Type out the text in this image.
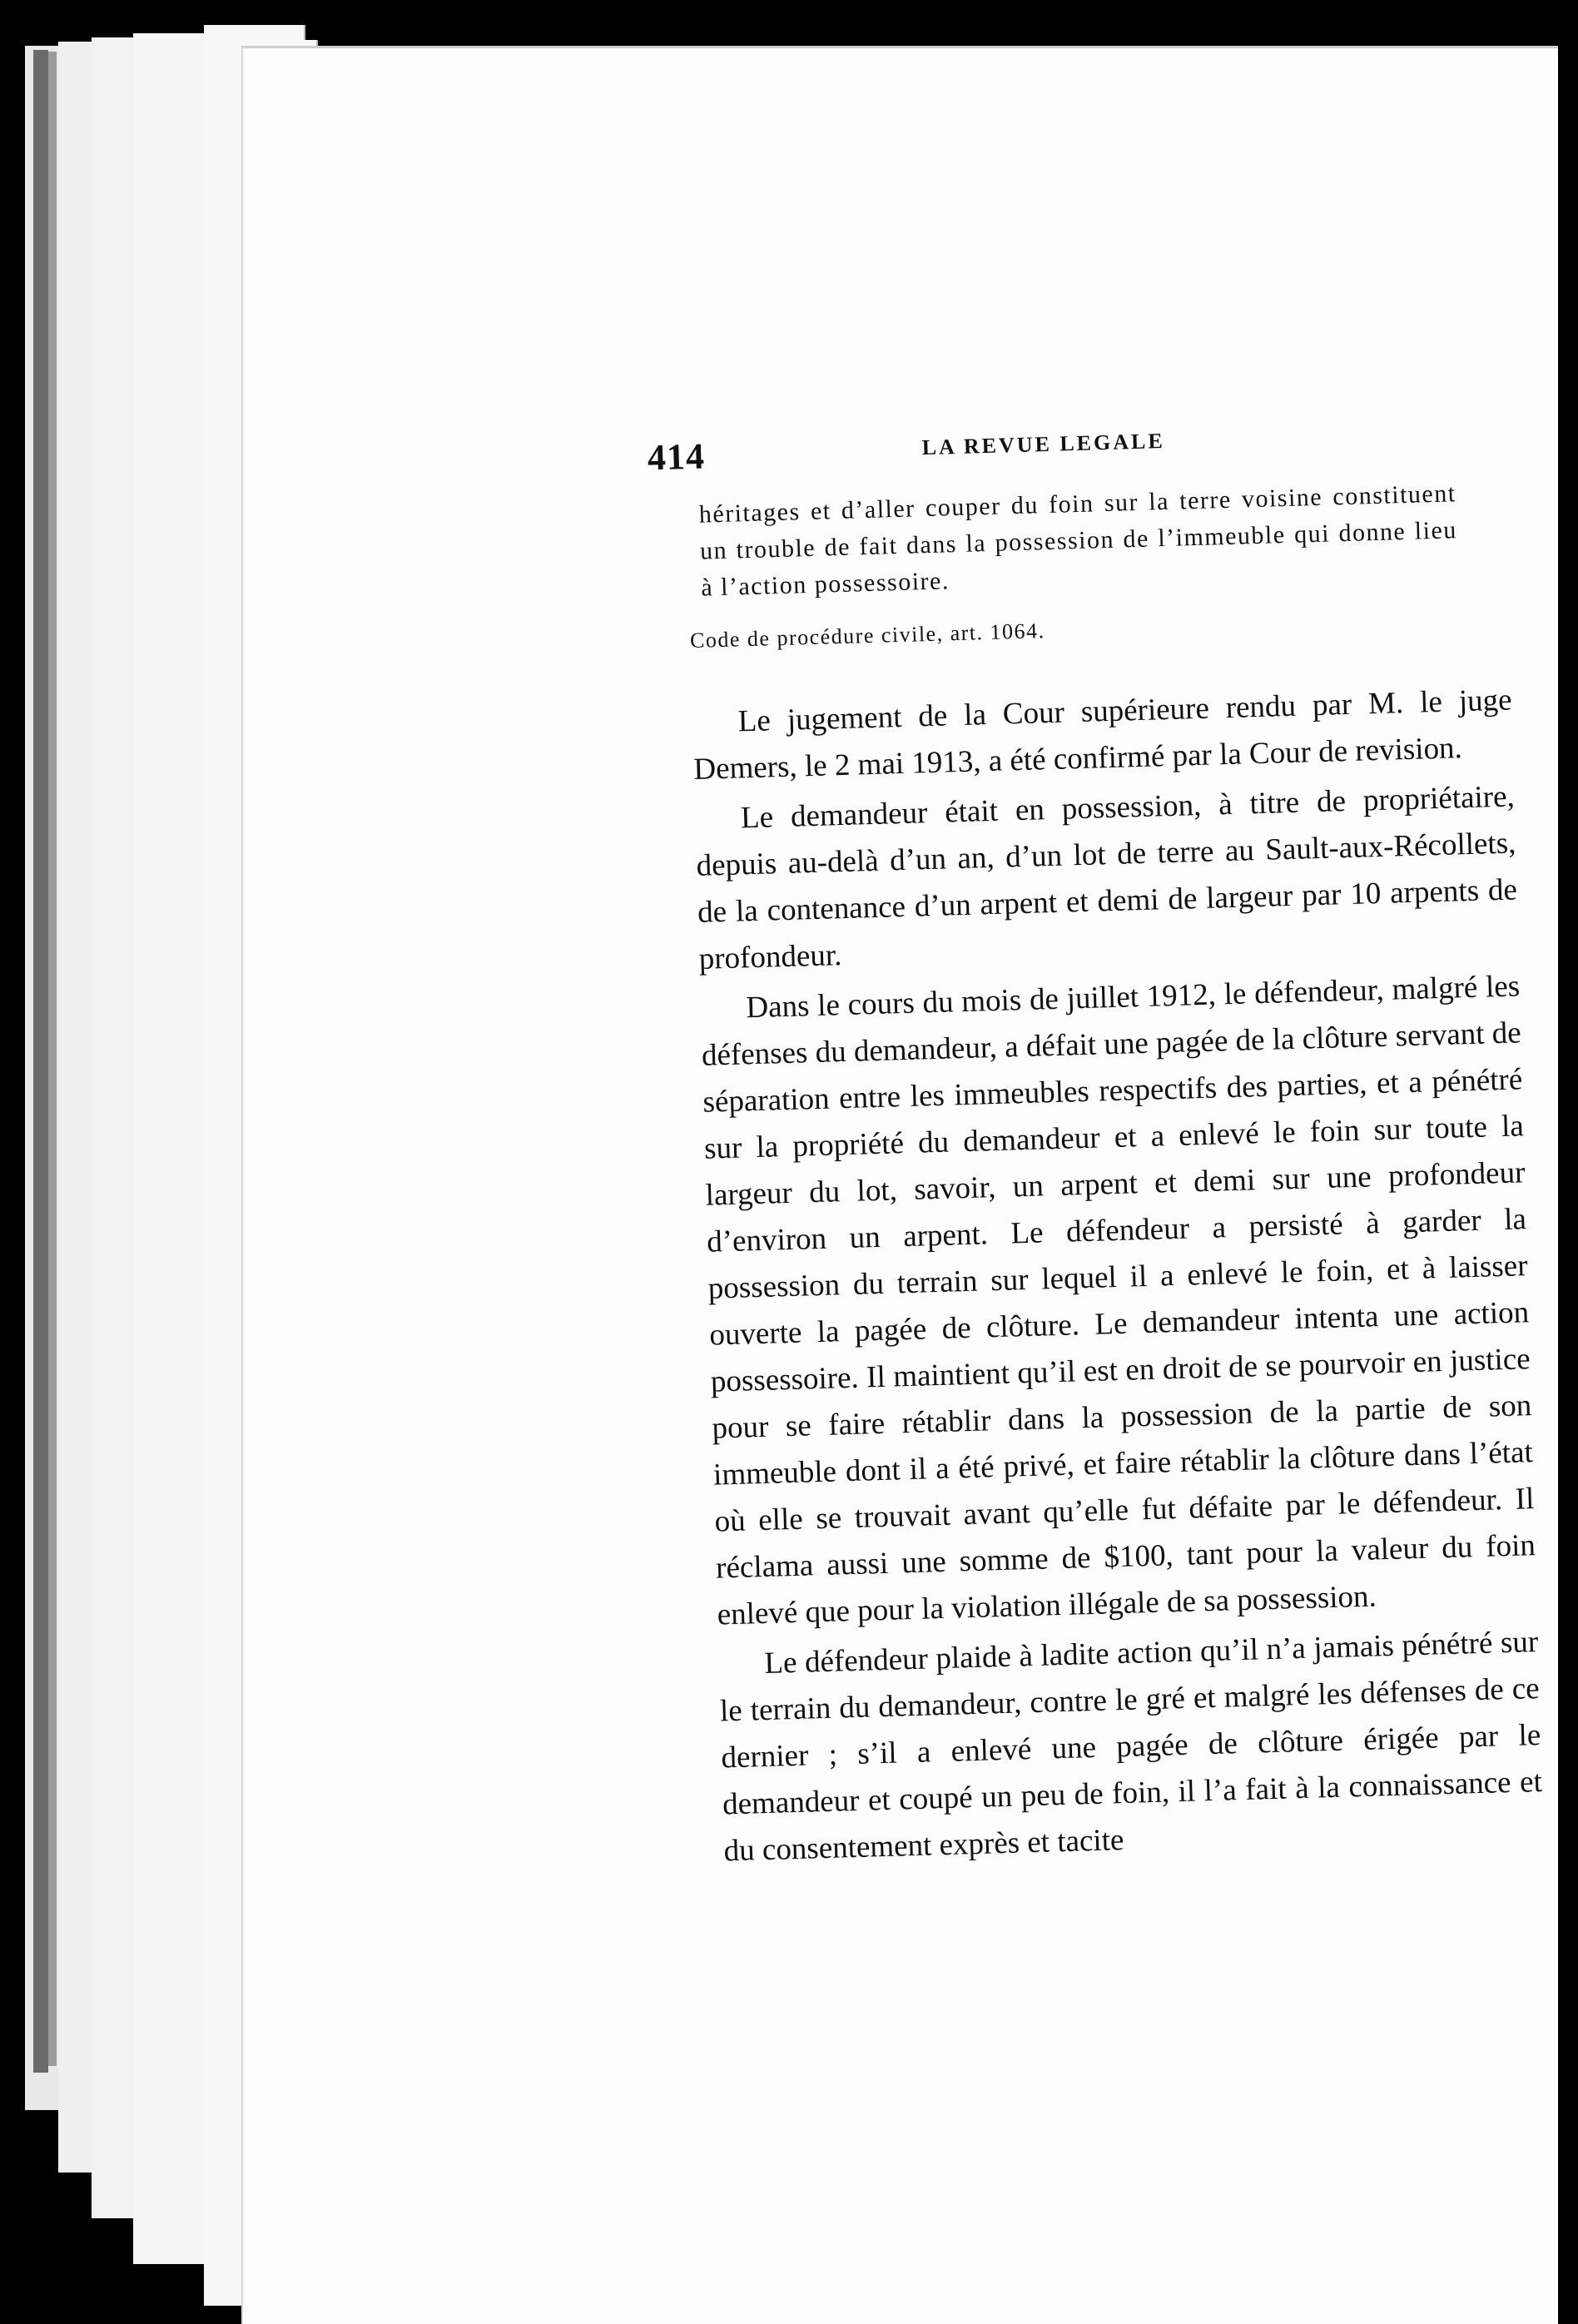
414	LA REVUE LEGALE
héritages et d’aller couper du foin sur la terre voisine constituent un trouble de fait dans la possession de l’immeuble qui donne lieu à l’action possessoire.
Code de procédure civile, art. 1064.

Le jugement de la Cour supérieure rendu par M. le juge Demers, le 2 mai 1913, a été confirmé par la Cour de revision.

Le demandeur était en possession, à titre de propriétaire, depuis au-delà d’un an, d’un lot de terre au Sault-aux-Récollets, de la contenance d’un arpent et demi de largeur par 10 arpents de profondeur.

Dans le cours du mois de juillet 1912, le défendeur, malgré les défenses du demandeur, a défait une pagée de la clôture servant de séparation entre les immeubles respectifs des parties, et a pénétré sur la propriété du demandeur et a enlevé le foin sur toute la largeur du lot, savoir, un arpent et demi sur une profondeur d’environ un arpent. Le défendeur a persisté à garder la possession du terrain sur lequel il a enlevé le foin, et à laisser ouverte la pagée de clôture. Le demandeur intenta une action possessoire. Il maintient qu’il est en droit de se pourvoir en justice pour se faire rétablir dans la possession de la partie de son immeuble dont il a été privé, et faire rétablir la clôture dans l’état où elle se trouvait avant qu’elle fut défaite par le défendeur. Il réclama aussi une somme de $100, tant pour la valeur du foin enlevé que pour la violation illégale de sa possession.

Le défendeur plaide à ladite action qu’il n’a jamais pénétré sur le terrain du demandeur, contre le gré et malgré les défenses de ce dernier ; s’il a enlevé une pagée de clôture érigée par le demandeur et coupé un peu de foin, il l’a fait à la connaissance et du consentement exprès et tacite
